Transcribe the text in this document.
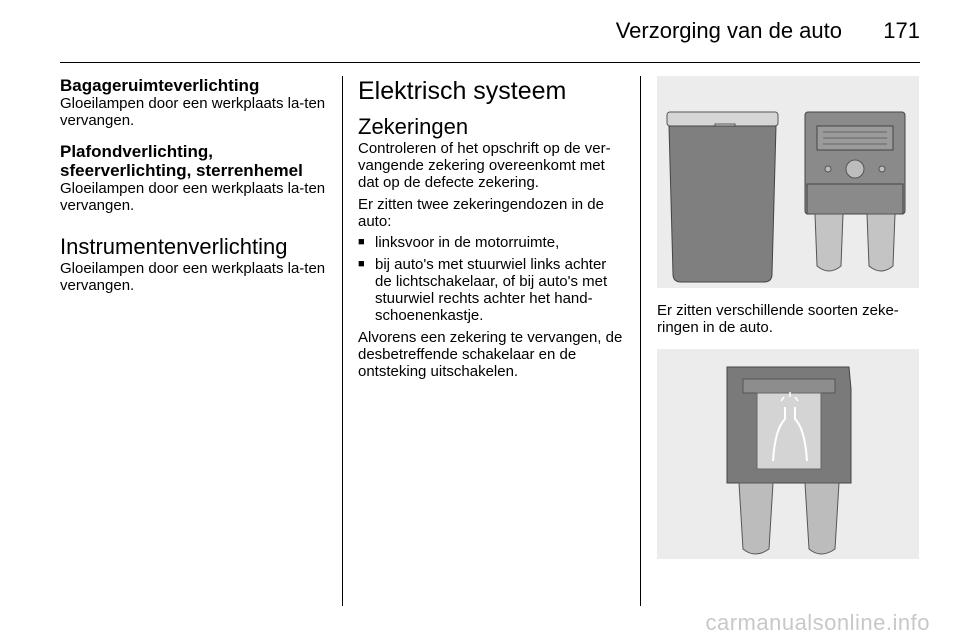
Verzorging van de auto 171
Bagageruimteverlichting

Gloeilampen door een werkplaats la-ten vervangen.

Plafondverlichting,
sfeerverlichting, sterrenhemel

Gloeilampen door een werkplaats la-ten vervangen.

Instrumentenverlichting

Gloeilampen door een werkplaats la-ten vervangen.

Elektrisch systeem
Zekeringen

Controleren of het opschrift op de ver-vangende zekering overeenkomt met dat op de defecte zekering.

Er zitten twee zekeringendozen in de auto:

■ linksvoor in de motorruimte,
■ bij auto's met stuurwiel links achter de lichtschakelaar, of bij auto's met stuurwiel rechts achter het hand-schoenenkastje.

Alvorens een zekering te vervangen, de desbetreffende schakelaar en de ontsteking uitschakelen.

Er zitten verschillende soorten zeke-ringen in de auto.

carmanualsonline.info
